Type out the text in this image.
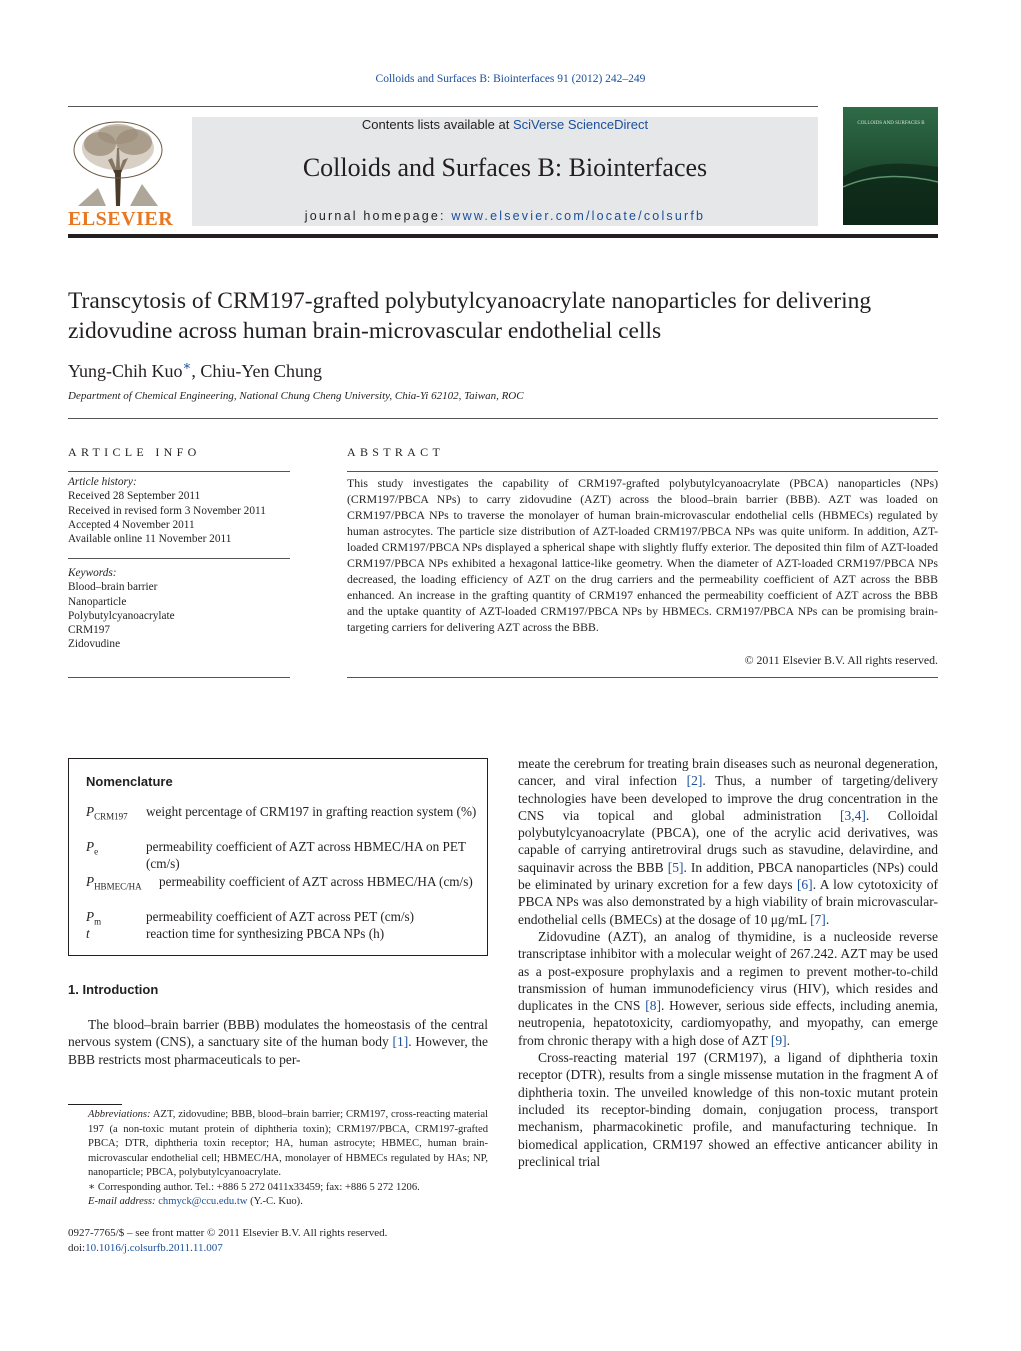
Colloids and Surfaces B: Biointerfaces 91 (2012) 242–249
ELSEVIER
Contents lists available at SciVerse ScienceDirect
Colloids and Surfaces B: Biointerfaces
journal homepage: www.elsevier.com/locate/colsurfb
COLLOIDS AND SURFACES B
Transcytosis of CRM197-grafted polybutylcyanoacrylate nanoparticles for delivering zidovudine across human brain-microvascular endothelial cells
Yung-Chih Kuo∗, Chiu-Yen Chung
Department of Chemical Engineering, National Chung Cheng University, Chia-Yi 62102, Taiwan, ROC
ARTICLE INFO
Article history:
Received 28 September 2011
Received in revised form 3 November 2011
Accepted 4 November 2011
Available online 11 November 2011
Keywords:
Blood–brain barrier
Nanoparticle
Polybutylcyanoacrylate
CRM197
Zidovudine
ABSTRACT
This study investigates the capability of CRM197-grafted polybutylcyanoacrylate (PBCA) nanoparticles (NPs) (CRM197/PBCA NPs) to carry zidovudine (AZT) across the blood–brain barrier (BBB). AZT was loaded on CRM197/PBCA NPs to traverse the monolayer of human brain-microvascular endothelial cells (HBMECs) regulated by human astrocytes. The particle size distribution of AZT-loaded CRM197/PBCA NPs was quite uniform. In addition, AZT-loaded CRM197/PBCA NPs displayed a spherical shape with slightly fluffy exterior. The deposited thin film of AZT-loaded CRM197/PBCA NPs exhibited a hexagonal lattice-like geometry. When the diameter of AZT-loaded CRM197/PBCA NPs decreased, the loading efficiency of AZT on the drug carriers and the permeability coefficient of AZT across the BBB enhanced. An increase in the grafting quantity of CRM197 enhanced the permeability coefficient of AZT across the BBB and the uptake quantity of AZT-loaded CRM197/PBCA NPs by HBMECs. CRM197/PBCA NPs can be promising brain-targeting carriers for delivering AZT across the BBB.
© 2011 Elsevier B.V. All rights reserved.
Nomenclature
$P_{CRM197}$ weight percentage of CRM197 in grafting reaction system (%)
$P_e$	permeability coefficient of AZT across HBMEC/HA on PET (cm/s)
$P_{HBMEC/HA}$ permeability coefficient of AZT across HBMEC/HA (cm/s)
$P_m$	permeability coefficient of AZT across PET (cm/s)
t	reaction time for synthesizing PBCA NPs (h)
1. Introduction

The blood–brain barrier (BBB) modulates the homeostasis of the central nervous system (CNS), a sanctuary site of the human body [1]. However, the BBB restricts most pharmaceuticals to per-

meate the cerebrum for treating brain diseases such as neuronal degeneration, cancer, and viral infection [2]. Thus, a number of targeting/delivery technologies have been developed to improve the drug concentration in the CNS via topical and global administration [3,4]. Colloidal polybutylcyanoacrylate (PBCA), one of the acrylic acid derivatives, was capable of carrying antiretroviral drugs such as stavudine, delavirdine, and saquinavir across the BBB [5]. In addition, PBCA nanoparticles (NPs) could be eliminated by urinary excretion for a few days [6]. A low cytotoxicity of PBCA NPs was also demonstrated by a high viability of brain microvascular-endothelial cells (BMECs) at the dosage of 10 μg/mL [7].

Zidovudine (AZT), an analog of thymidine, is a nucleoside reverse transcriptase inhibitor with a molecular weight of 267.242. AZT may be used as a post-exposure prophylaxis and a regimen to prevent mother-to-child transmission of human immunodeficiency virus (HIV), which resides and duplicates in the CNS [8]. However, serious side effects, including anemia, neutropenia, hepatotoxicity, cardiomyopathy, and myopathy, can emerge from chronic therapy with a high dose of AZT [9].

Cross-reacting material 197 (CRM197), a ligand of diphtheria toxin receptor (DTR), results from a single missense mutation in the fragment A of diphtheria toxin. The unveiled knowledge of this non-toxic mutant protein included its receptor-binding domain, conjugation process, transport mechanism, pharmacokinetic profile, and manufacturing technique. In biomedical application, CRM197 showed an effective anticancer ability in preclinical trial

Abbreviations: AZT, zidovudine; BBB, blood–brain barrier; CRM197, cross-reacting material 197 (a non-toxic mutant protein of diphtheria toxin); CRM197/PBCA, CRM197-grafted PBCA; DTR, diphtheria toxin receptor; HA, human astrocyte; HBMEC, human brain-microvascular endothelial cell; HBMEC/HA, monolayer of HBMECs regulated by HAs; NP, nanoparticle; PBCA, polybutylcyanoacrylate.

∗ Corresponding author. Tel.: +886 5 272 0411x33459; fax: +886 5 272 1206.

E-mail address: chmyck@ccu.edu.tw (Y.-C. Kuo).

0927-7765/$ – see front matter © 2011 Elsevier B.V. All rights reserved.
doi:10.1016/j.colsurfb.2011.11.007
